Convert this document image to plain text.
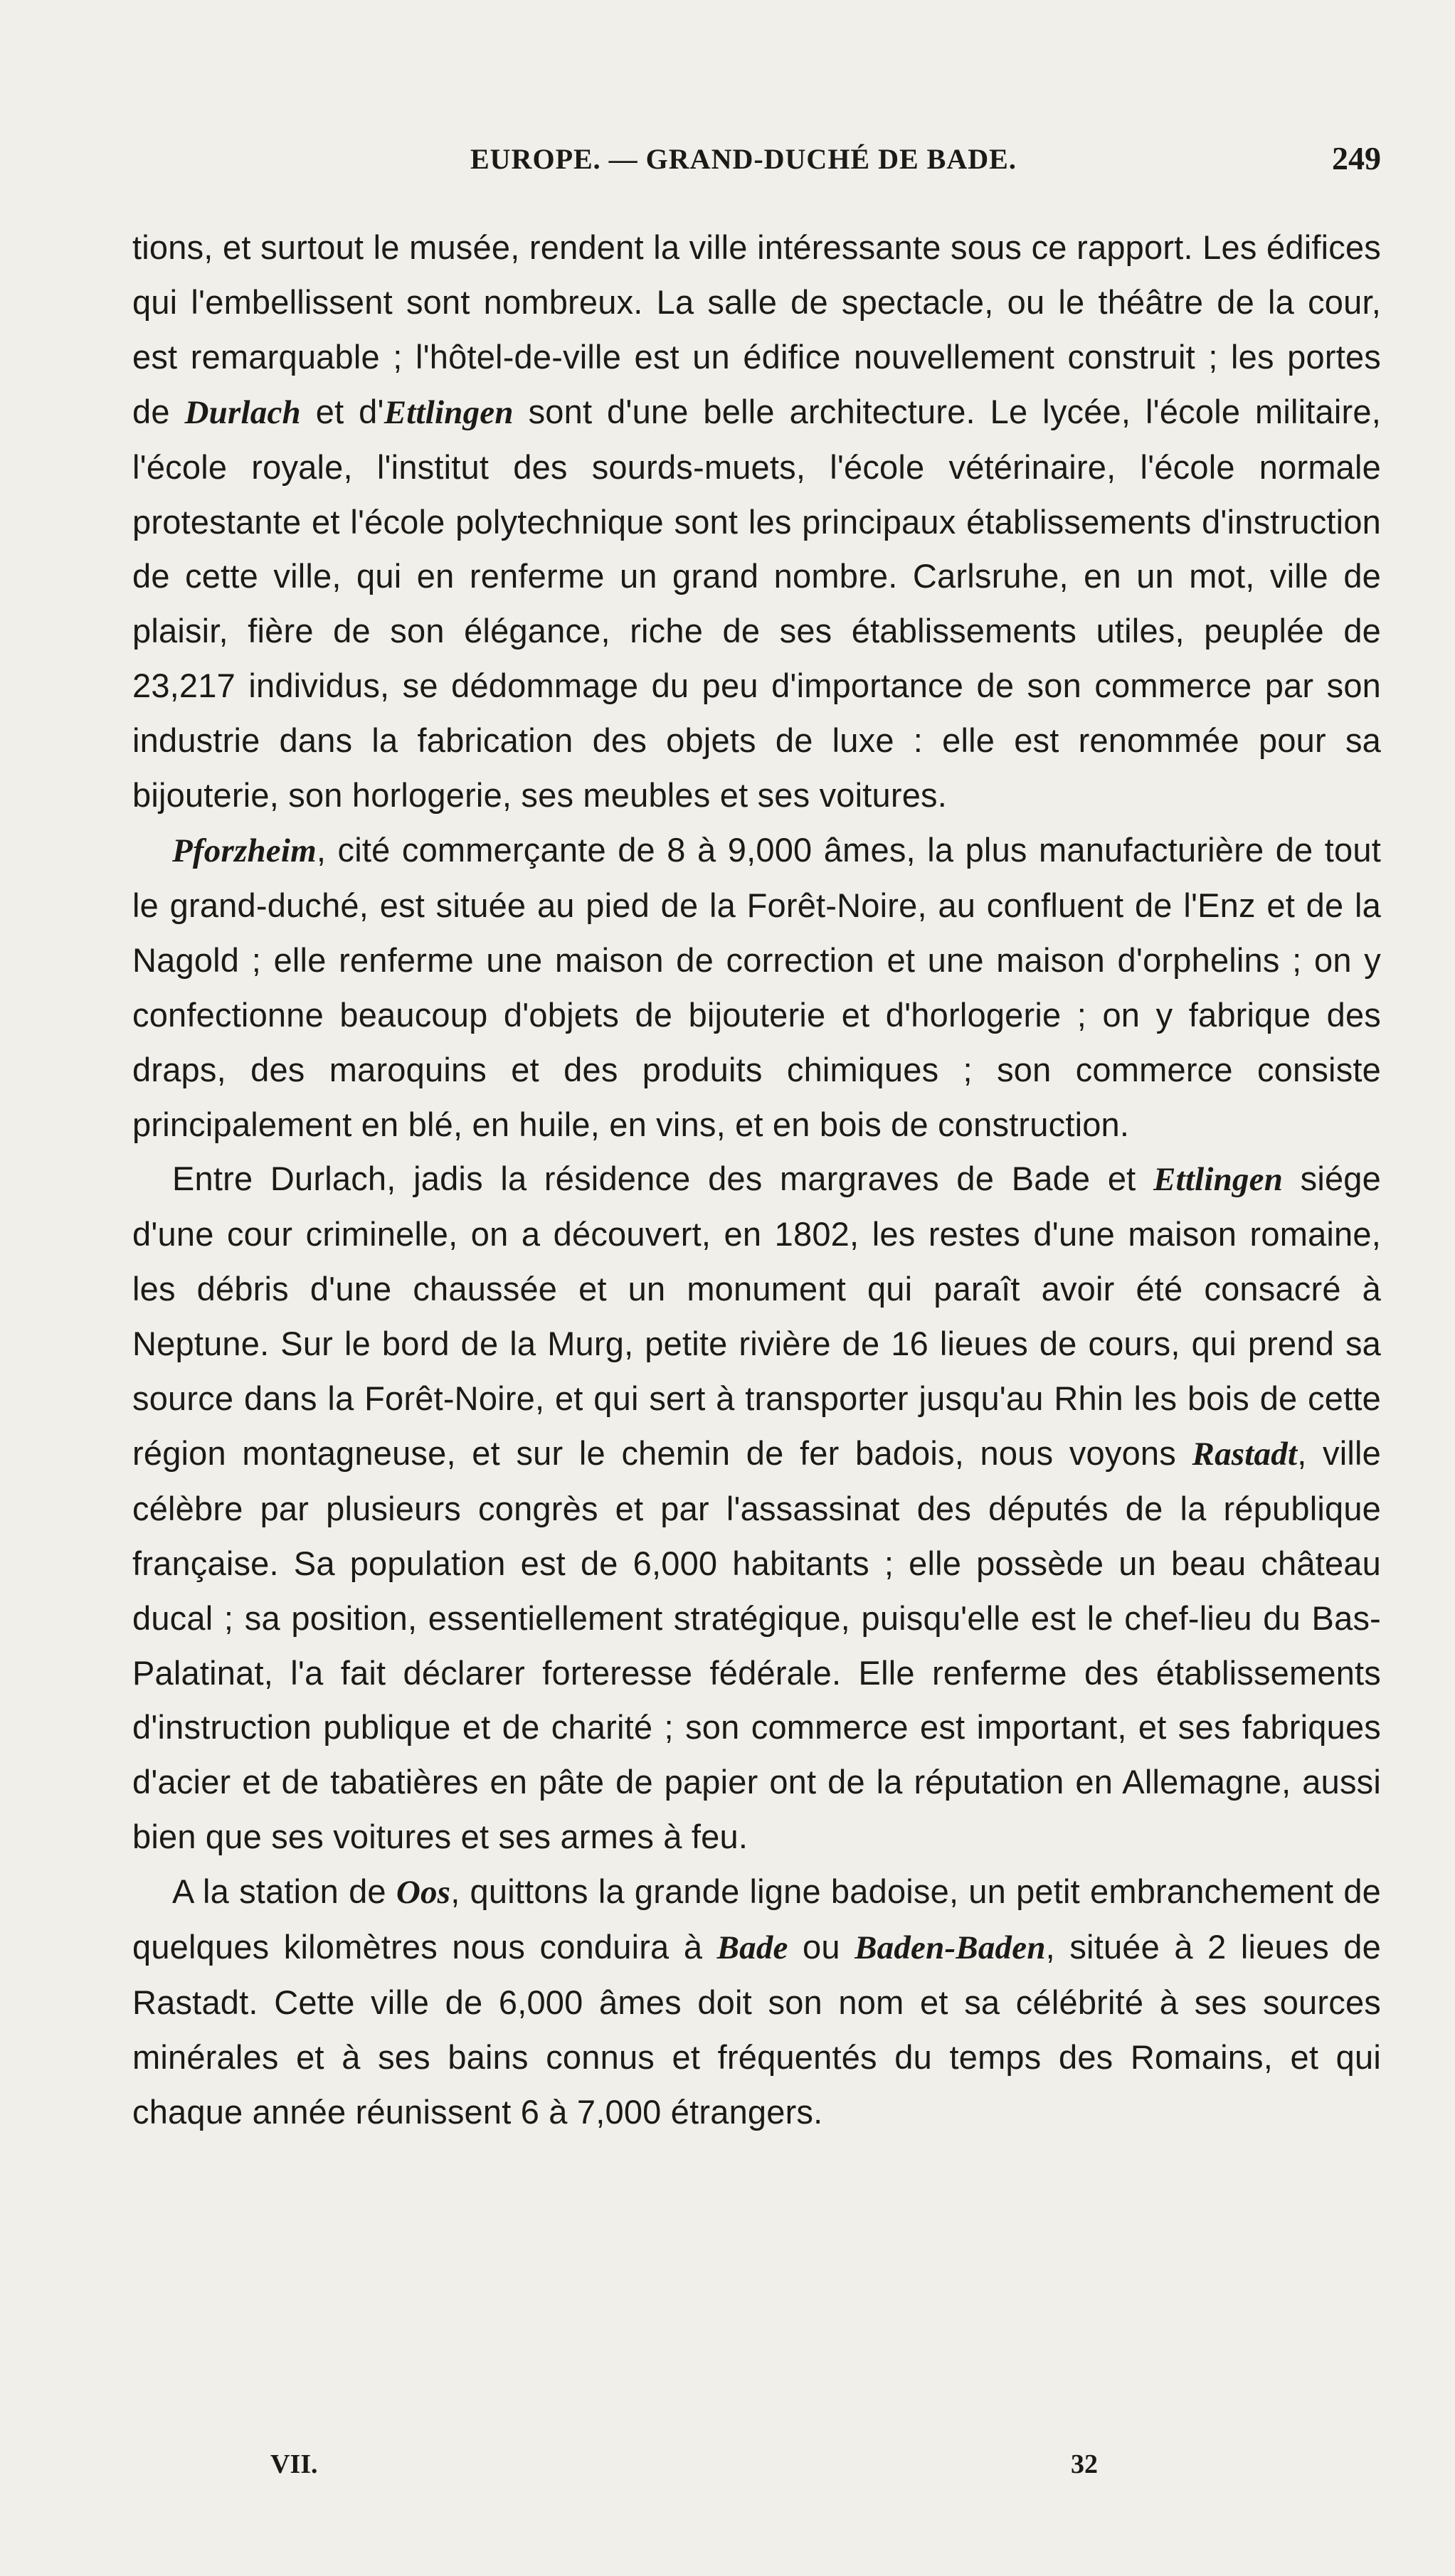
EUROPE. — GRAND-DUCHÉ DE BADE.	249

tions, et surtout le musée, rendent la ville intéressante sous ce rapport. Les édifices qui l'embellissent sont nombreux. La salle de spectacle, ou le théâtre de la cour, est remarquable ; l'hôtel-de-ville est un édifice nouvellement construit ; les portes de Durlach et d'Ettlingen sont d'une belle architecture. Le lycée, l'école militaire, l'école royale, l'institut des sourds-muets, l'école vétérinaire, l'école normale protestante et l'école polytechnique sont les principaux établissements d'instruction de cette ville, qui en renferme un grand nombre. Carlsruhe, en un mot, ville de plaisir, fière de son élégance, riche de ses établissements utiles, peuplée de 23,217 individus, se dédommage du peu d'importance de son commerce par son industrie dans la fabrication des objets de luxe : elle est renommée pour sa bijouterie, son horlogerie, ses meubles et ses voitures.

Pforzheim, cité commerçante de 8 à 9,000 âmes, la plus manufacturière de tout le grand-duché, est située au pied de la Forêt-Noire, au confluent de l'Enz et de la Nagold ; elle renferme une maison de correction et une maison d'orphelins ; on y confectionne beaucoup d'objets de bijouterie et d'horlogerie ; on y fabrique des draps, des maroquins et des produits chimiques ; son commerce consiste principalement en blé, en huile, en vins, et en bois de construction.

Entre Durlach, jadis la résidence des margraves de Bade et Ettlingen siége d'une cour criminelle, on a découvert, en 1802, les restes d'une maison romaine, les débris d'une chaussée et un monument qui paraît avoir été consacré à Neptune. Sur le bord de la Murg, petite rivière de 16 lieues de cours, qui prend sa source dans la Forêt-Noire, et qui sert à transporter jusqu'au Rhin les bois de cette région montagneuse, et sur le chemin de fer badois, nous voyons Rastadt, ville célèbre par plusieurs congrès et par l'assassinat des députés de la république française. Sa population est de 6,000 habitants ; elle possède un beau château ducal ; sa position, essentiellement stratégique, puisqu'elle est le chef-lieu du Bas-Palatinat, l'a fait déclarer forteresse fédérale. Elle renferme des établissements d'instruction publique et de charité ; son commerce est important, et ses fabriques d'acier et de tabatières en pâte de papier ont de la réputation en Allemagne, aussi bien que ses voitures et ses armes à feu.

A la station de Oos, quittons la grande ligne badoise, un petit embranchement de quelques kilomètres nous conduira à Bade ou Baden-Baden, située à 2 lieues de Rastadt. Cette ville de 6,000 âmes doit son nom et sa célébrité à ses sources minérales et à ses bains connus et fréquentés du temps des Romains, et qui chaque année réunissent 6 à 7,000 étrangers.

VII.	32
